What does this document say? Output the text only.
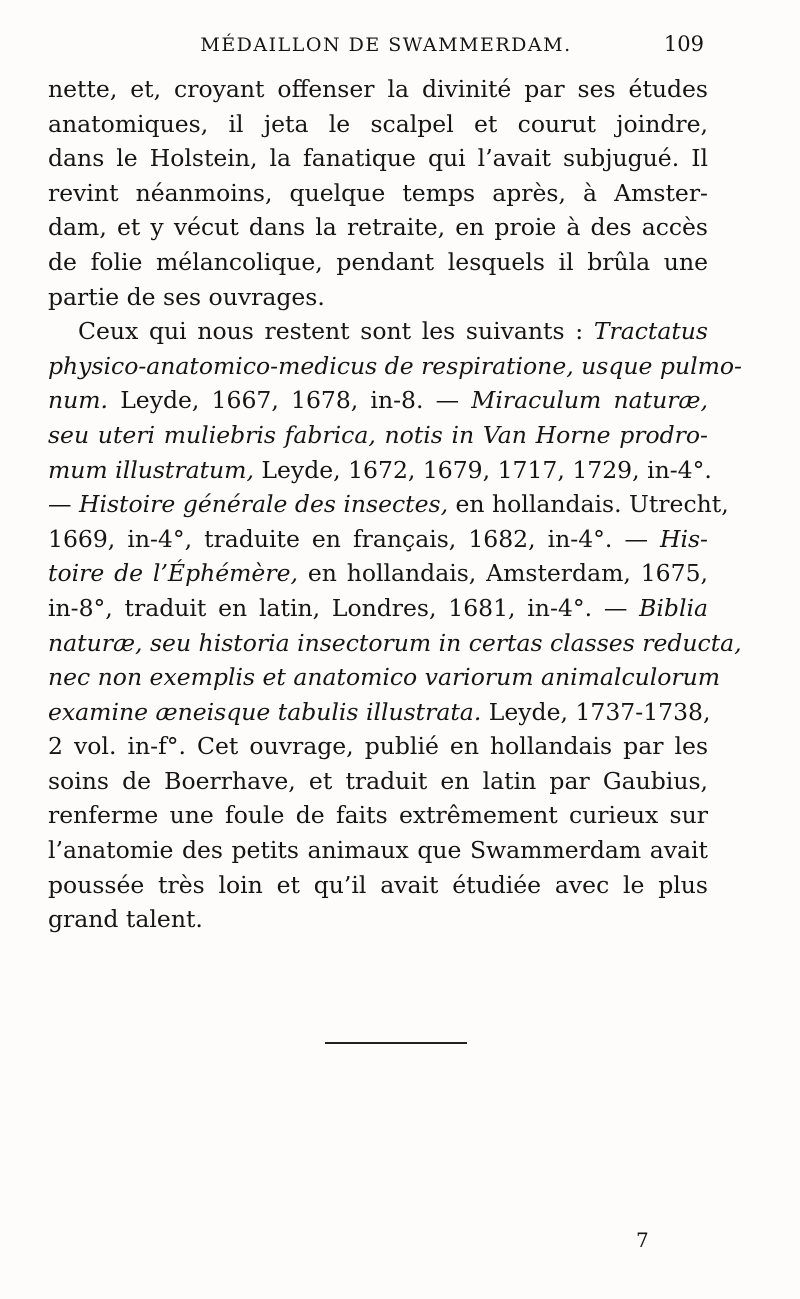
MÉDAILLON DE SWAMMERDAM.	109
nette, et, croyant offenser la divinité par ses études
anatomiques, il jeta le scalpel et courut joindre,
dans le Holstein, la fanatique qui l’avait subjugué. Il
revint néanmoins, quelque temps après, à Amster-
dam, et y vécut dans la retraite, en proie à des accès
de folie mélancolique, pendant lesquels il brûla une
partie de ses ouvrages.
Ceux qui nous restent sont les suivants : Tractatus
physico-anatomico-medicus de respiratione, usque pulmo-
num. Leyde, 1667, 1678, in-8. — Miraculum naturæ,
seu uteri muliebris fabrica, notis in Van Horne prodro-
mum illustratum, Leyde, 1672, 1679, 1717, 1729, in-4°.
— Histoire générale des insectes, en hollandais. Utrecht,
1669, in-4°, traduite en français, 1682, in-4°. — His-
toire de l’Éphémère, en hollandais, Amsterdam, 1675,
in-8°, traduit en latin, Londres, 1681, in-4°. — Biblia
naturæ, seu historia insectorum in certas classes reducta,
nec non exemplis et anatomico variorum animalculorum
examine æneisque tabulis illustrata. Leyde, 1737-1738,
2 vol. in-f°. Cet ouvrage, publié en hollandais par les
soins de Boerrhave, et traduit en latin par Gaubius,
renferme une foule de faits extrêmement curieux sur
l’anatomie des petits animaux que Swammerdam avait
poussée très loin et qu’il avait étudiée avec le plus
grand talent.
7
